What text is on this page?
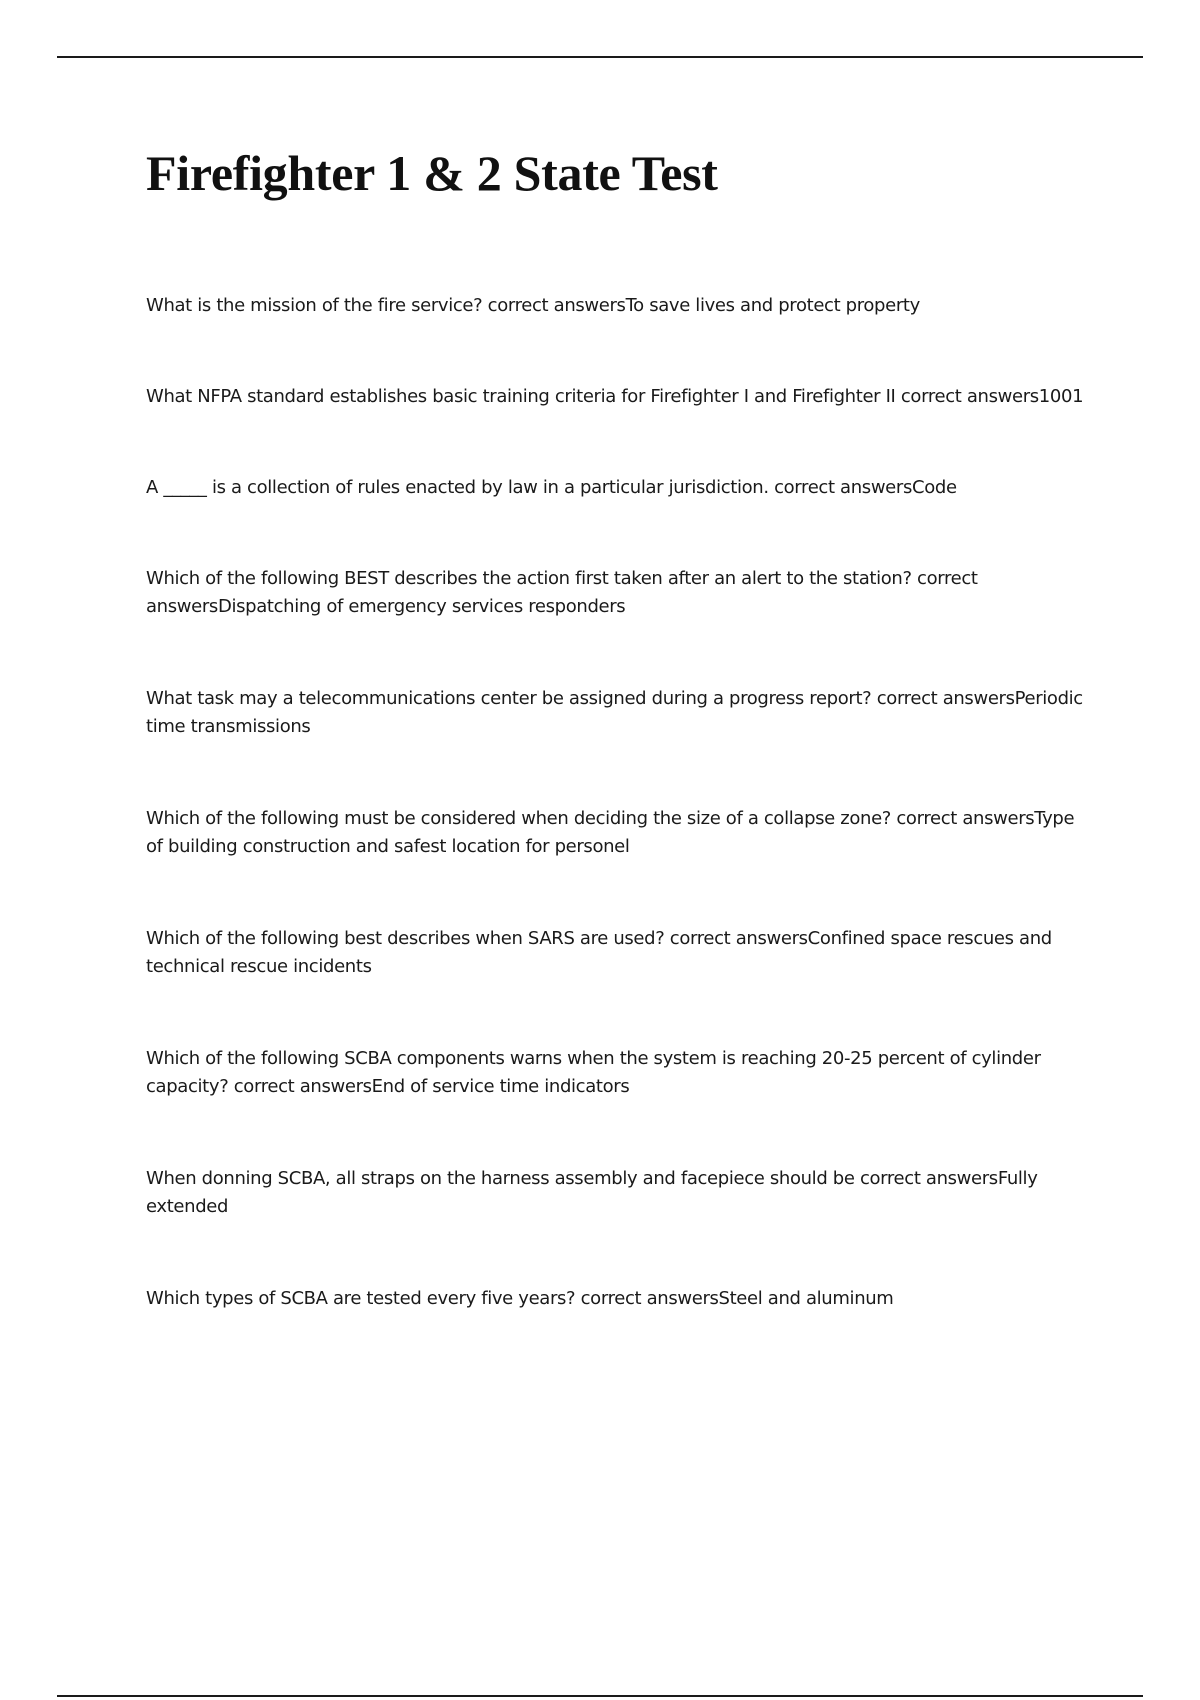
Firefighter 1 & 2 State Test
What is the mission of the fire service? correct answersTo save lives and protect property
What NFPA standard establishes basic training criteria for Firefighter I and Firefighter II correct answers1001
A _____ is a collection of rules enacted by law in a particular jurisdiction. correct answersCode
Which of the following BEST describes the action first taken after an alert to the station? correct answersDispatching of emergency services responders
What task may a telecommunications center be assigned during a progress report? correct answersPeriodic time transmissions
Which of the following must be considered when deciding the size of a collapse zone? correct answersType of building construction and safest location for personel
Which of the following best describes when SARS are used? correct answersConfined space rescues and technical rescue incidents
Which of the following SCBA components warns when the system is reaching 20-25 percent of cylinder capacity? correct answersEnd of service time indicators
When donning SCBA, all straps on the harness assembly and facepiece should be correct answersFully extended
Which types of SCBA are tested every five years? correct answersSteel and aluminum
